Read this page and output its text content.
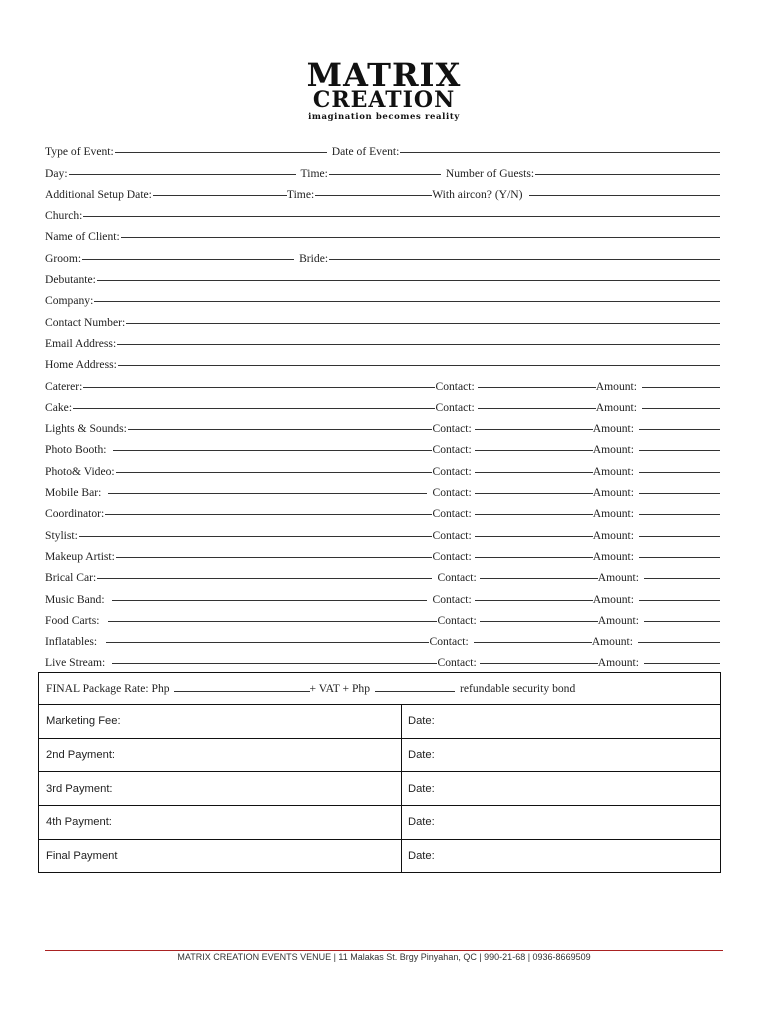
MATRIX
CREATION
imagination becomes reality
Type of Event:	Date of Event:
Day:	Time:	Number of Guests:
Additional Setup Date:	Time:	With aircon? (Y/N)
Church:
Name of Client:
Groom:	Bride:
Debutante:
Company:
Contact Number:
Email Address:
Home Address:
Caterer:	Contact:	Amount:
Cake:	Contact:	Amount:
Lights & Sounds:	Contact:	Amount:
Photo Booth:	Contact:	Amount:
Photo& Video:	Contact:	Amount:
Mobile Bar:	Contact:	Amount:
Coordinator:	Contact:	Amount:
Stylist:	Contact:	Amount:
Makeup Artist:	Contact:	Amount:
Brical Car:	Contact:	Amount:
Music Band:	Contact:	Amount:
Food Carts:	Contact:	Amount:
Inflatables:	Contact:	Amount:
Live Stream:	Contact:	Amount:
FINAL Package Rate: Php	+ VAT + Php	refundable security bond
Marketing Fee:	Date:
2nd Payment:	Date:
3rd Payment:	Date:
4th Payment:	Date:
Final Payment	Date:
MATRIX CREATION EVENTS VENUE | 11 Malakas St. Brgy Pinyahan, QC | 990-21-68 | 0936-8669509
